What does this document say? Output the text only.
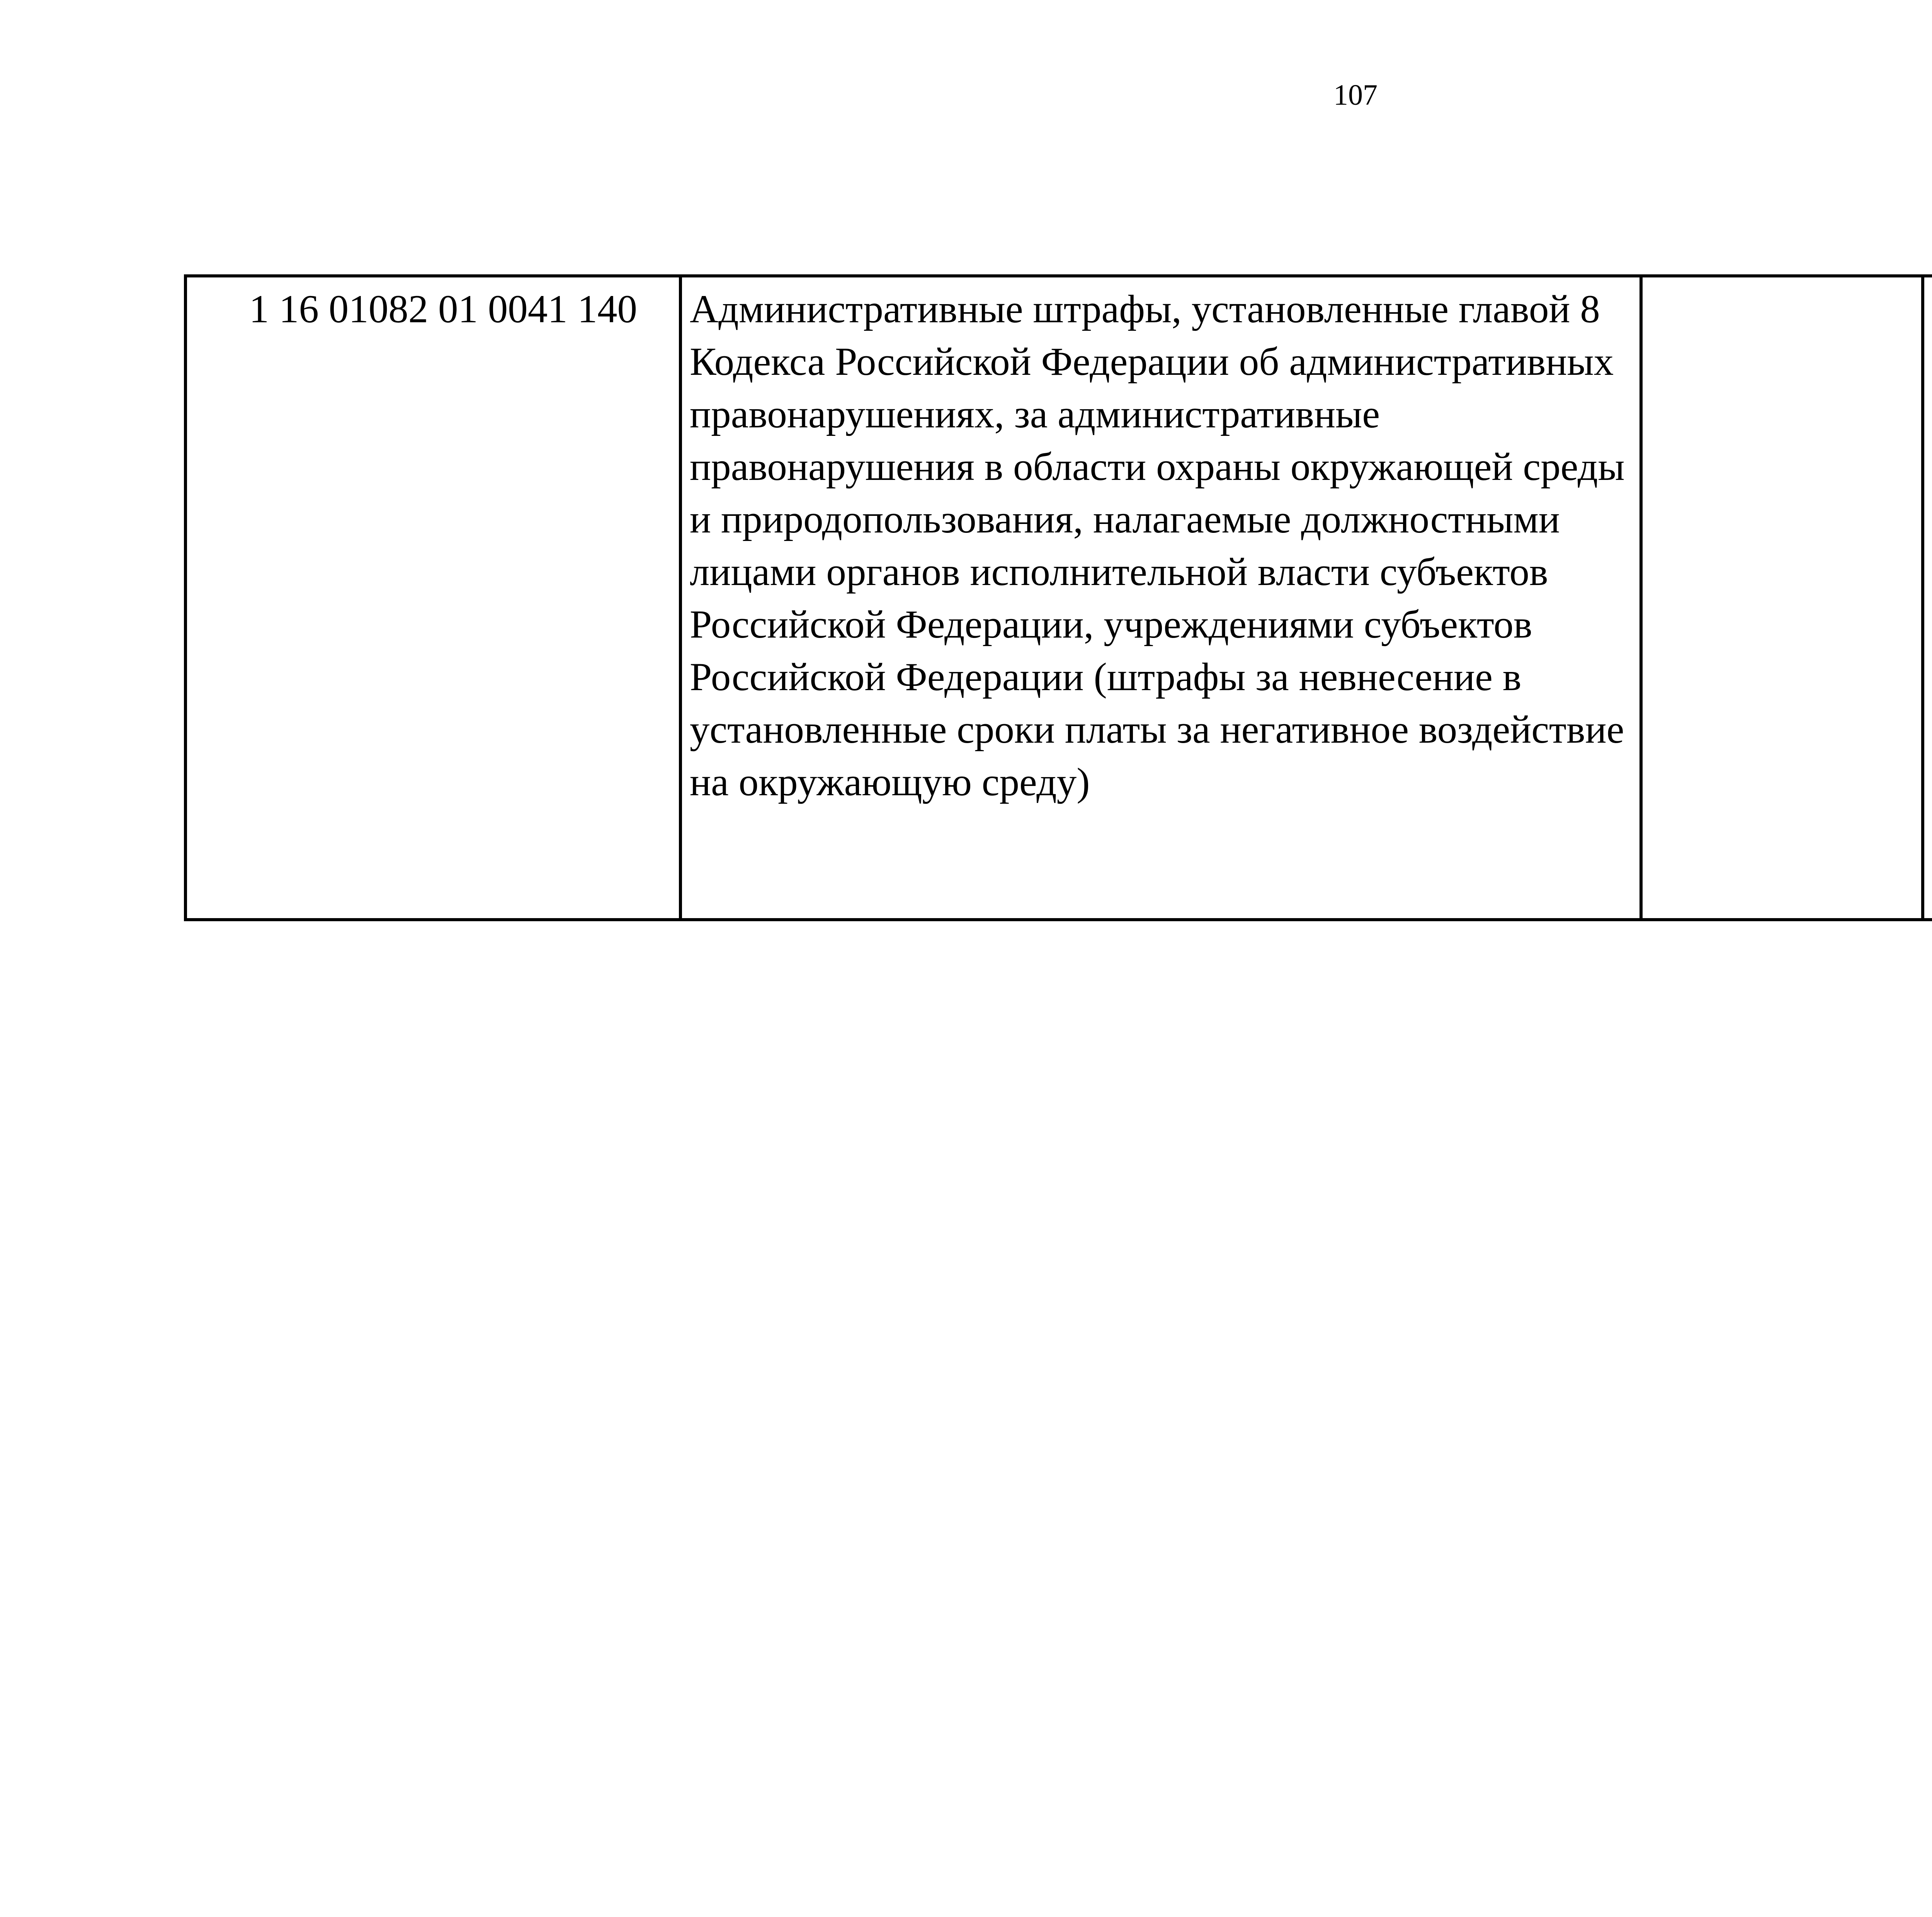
107
1 16 01082 01 0041 140	Административные штрафы, установленные главой 8 Кодекса Российской Федерации об административных правонарушениях, за административные правонарушения в области охраны окружающей среды и природопользования, налагаемые должностными лицами органов исполнительной власти субъектов Российской Федерации, учреждениями субъектов Российской Федерации (штрафы за невнесение в установленные сроки платы за негативное воздействие на окружающую среду)			
